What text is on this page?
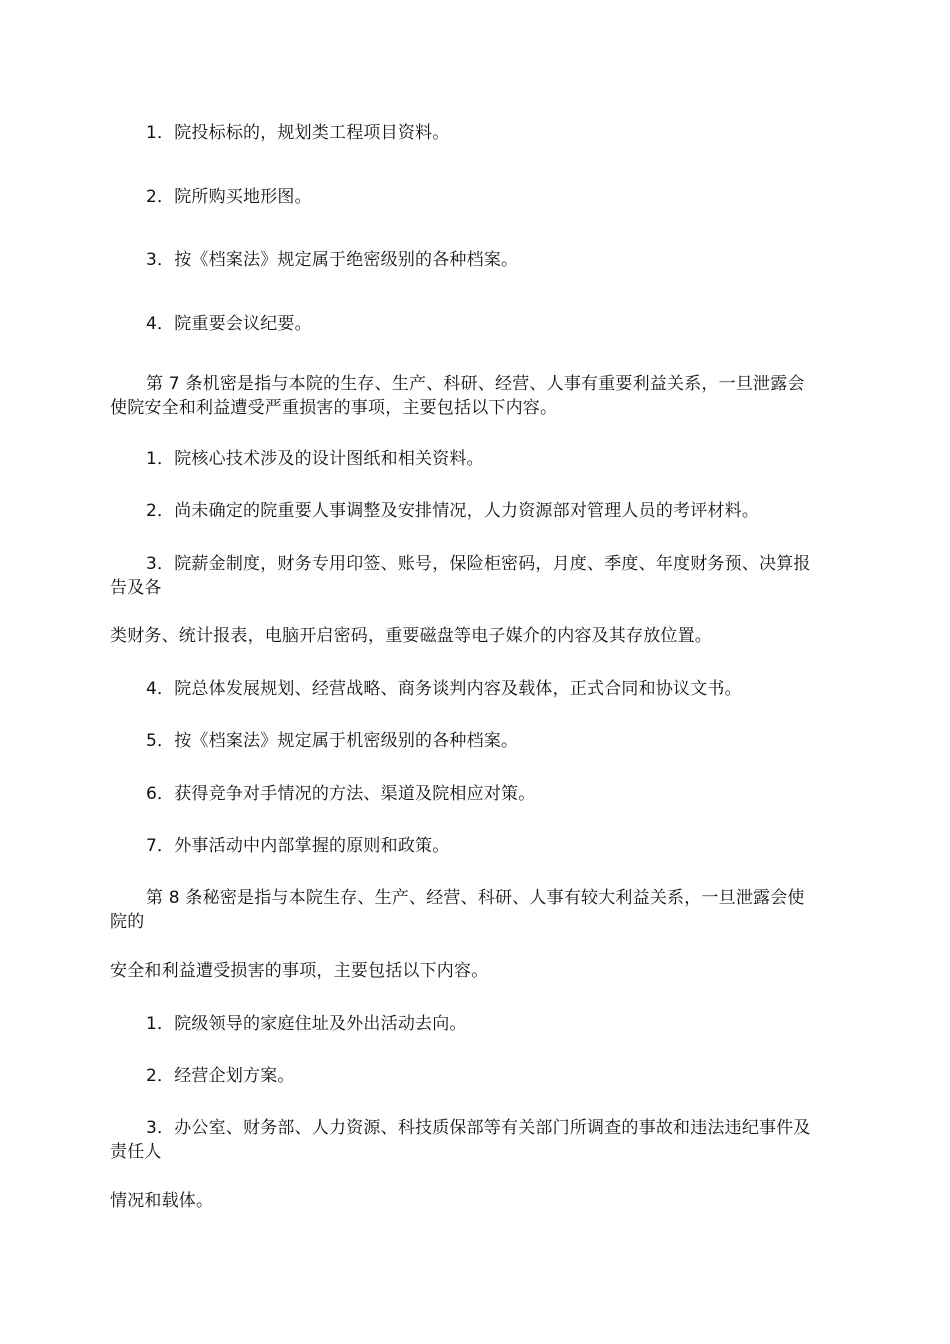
1．院投标标的，规划类工程项目资料。
2．院所购买地形图。
3．按《档案法》规定属于绝密级别的各种档案。
4．院重要会议纪要。
第 7 条机密是指与本院的生存、生产、科研、经营、人事有重要利益关系，一旦泄露会
使院安全和利益遭受严重损害的事项，主要包括以下内容。
1．院核心技术涉及的设计图纸和相关资料。
2．尚未确定的院重要人事调整及安排情况，人力资源部对管理人员的考评材料。
3．院薪金制度，财务专用印签、账号，保险柜密码，月度、季度、年度财务预、决算报
告及各
类财务、统计报表，电脑开启密码，重要磁盘等电子媒介的内容及其存放位置。
4．院总体发展规划、经营战略、商务谈判内容及载体，正式合同和协议文书。
5．按《档案法》规定属于机密级别的各种档案。
6．获得竞争对手情况的方法、渠道及院相应对策。
7．外事活动中内部掌握的原则和政策。
第 8 条秘密是指与本院生存、生产、经营、科研、人事有较大利益关系，一旦泄露会使
院的
安全和利益遭受损害的事项，主要包括以下内容。
1．院级领导的家庭住址及外出活动去向。
2．经营企划方案。
3．办公室、财务部、人力资源、科技质保部等有关部门所调查的事故和违法违纪事件及
责任人
情况和载体。
